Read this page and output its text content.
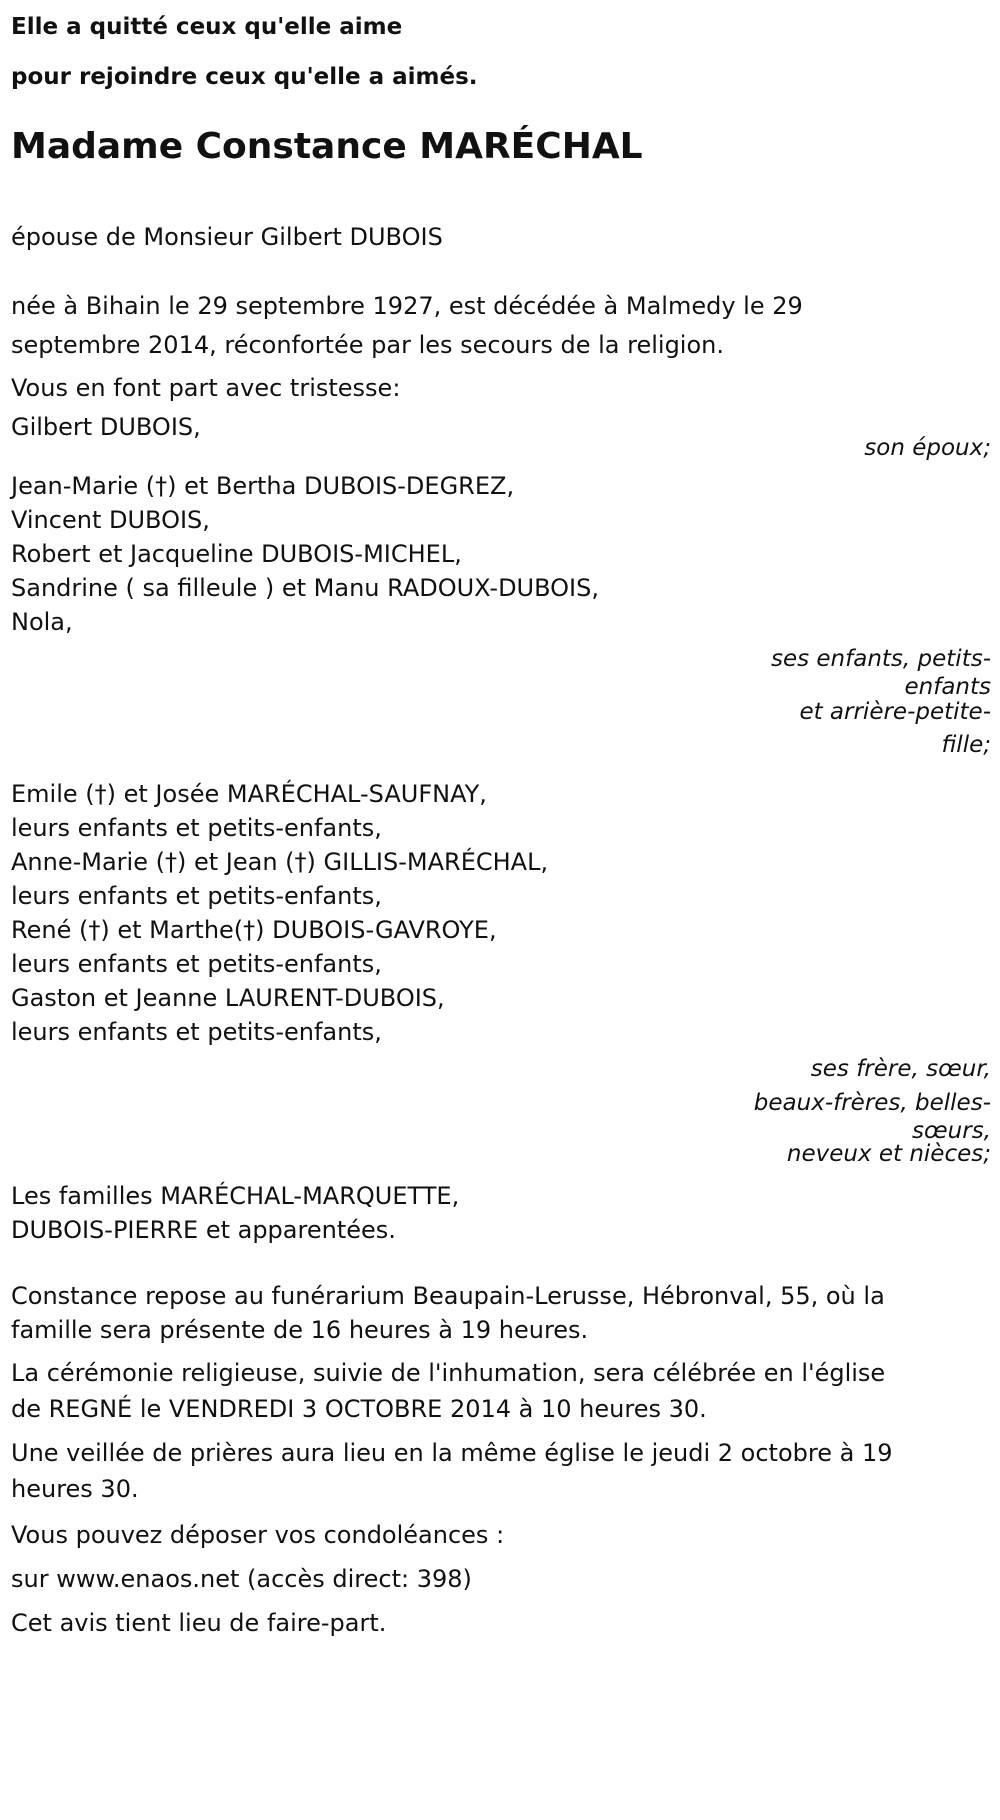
Elle a quitté ceux qu'elle aime
pour rejoindre ceux qu'elle a aimés.
Madame Constance MARÉCHAL

épouse de Monsieur Gilbert DUBOIS

née à Bihain le 29 septembre 1927, est décédée à Malmedy le 29
septembre 2014, réconfortée par les secours de la religion.

Vous en font part avec tristesse:

Gilbert DUBOIS,

son époux;

Jean-Marie (†) et Bertha DUBOIS-DEGREZ,

Vincent DUBOIS,

Robert et Jacqueline DUBOIS-MICHEL,

Sandrine ( sa filleule ) et Manu RADOUX-DUBOIS,

Nola,

ses enfants, petits-
enfants
et arrière-petite-
fille;

Emile (†) et Josée MARÉCHAL-SAUFNAY,

leurs enfants et petits-enfants,

Anne-Marie (†) et Jean (†) GILLIS-MARÉCHAL,

leurs enfants et petits-enfants,

René (†) et Marthe(†) DUBOIS-GAVROYE,

leurs enfants et petits-enfants,

Gaston et Jeanne LAURENT-DUBOIS,

leurs enfants et petits-enfants,

ses frère, sœur,
beaux-frères, belles-
sœurs,
neveux et nièces;

Les familles MARÉCHAL-MARQUETTE,

DUBOIS-PIERRE et apparentées.

Constance repose au funérarium Beaupain-Lerusse, Hébronval, 55, où la
famille sera présente de 16 heures à 19 heures.

La cérémonie religieuse, suivie de l'inhumation, sera célébrée en l'église
de REGNÉ le VENDREDI 3 OCTOBRE 2014 à 10 heures 30.

Une veillée de prières aura lieu en la même église le jeudi 2 octobre à 19
heures 30.

Vous pouvez déposer vos condoléances :

sur www.enaos.net (accès direct: 398)

Cet avis tient lieu de faire-part.
